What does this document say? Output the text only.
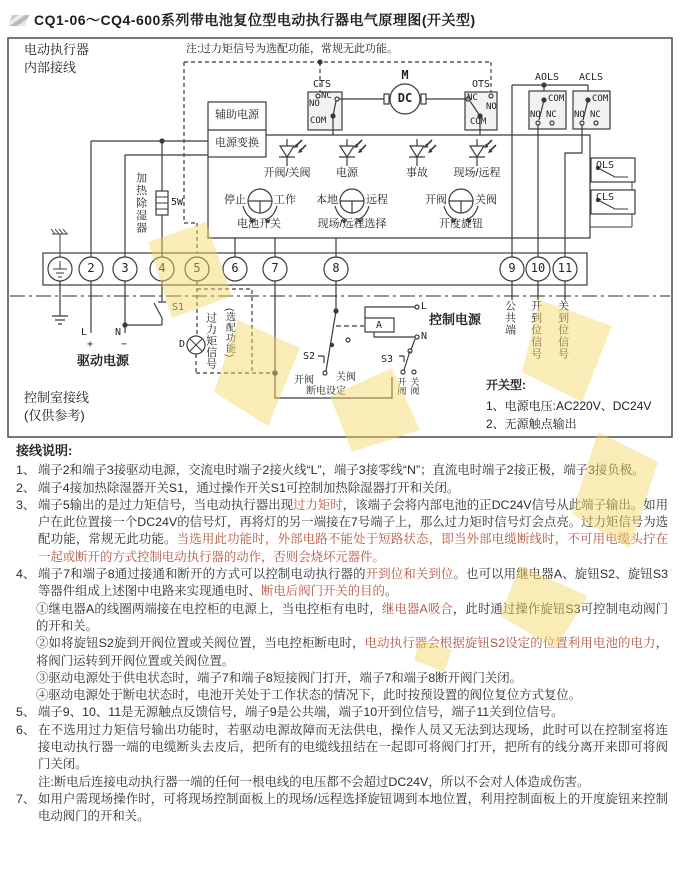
CQ1-06～CQ4-600系列带电池复位型电动执行器电气原理图(开关型)
电动执行器
内部接线
注:过力矩信号为选配功能，常规无此功能。
CTS
NO
NC
COM
M
DC
OTS
NC
NO
COM
AOLS
COM
NO NC
ACLS
COM
NO NC
OLS
CLS
辅助电源
电源变换
加热除湿器 5W
开阀/关阀 电源	事故 现场/远程
停止	工作
电池开关
本地	远程
现场/远程选择
开阀	关阀
开度旋钮
2 3 4 5	6	7	8	9 10 11
L
+
N
−
驱动电源
S1
D 过力矩信号 (选配功能)	S2
开阀 关阀
断电设定
A
L
N
控制电源
S3
开阀 关阀
公共端 开到位信号 关到位信号
开关型:
1、电源电压:AC220V、DC24V
2、无源触点输出
控制室接线
(仅供参考)
接线说明:
1、 端子2和端子3接驱动电源，交流电时端子2接火线“L”，端子3接零线“N”；直流电时端子2接正极，端子3接负极。
2、 端子4接加热除湿器开关S1，通过操作开关S1可控制加热除湿器打开和关闭。
3、 端子5输出的是过力矩信号，当电动执行器出现过力矩时，该端子会将内部电池的正DC24V信号从此端子输出。如用户在此位置接一个DC24V的信号灯，再将灯的另一端接在7号端子上，那么过力矩时信号灯会点亮。过力矩信号为选配功能，常规无此功能。当选用此功能时，外部电路不能处于短路状态，即当外部电缆断线时，不可用电缆头拧在一起或断开的方式控制电动执行器的动作，否则会烧坏元器件。
4、 端子7和端子8通过接通和断开的方式可以控制电动执行器的开到位和关到位。也可以用继电器A、旋钮S2、旋钮S3等器件组成上述图中电路来实现通电时、断电后阀门开关的目的。
①继电器A的线圈两端接在电控柜的电源上，当电控柜有电时，继电器A吸合，此时通过操作旋钮S3可控制电动阀门的开和关。
②如将旋钮S2旋到开阀位置或关阀位置，当电控柜断电时，电动执行器会根据旋钮S2设定的位置利用电池的电力，将阀门运转到开阀位置或关阀位置。
③驱动电源处于供电状态时，端子7和端子8短接阀门打开，端子7和端子8断开阀门关闭。
④驱动电源处于断电状态时，电池开关处于工作状态的情况下，此时按预设置的阀位复位方式复位。
5、 端子9、10、11是无源触点反馈信号，端子9是公共端，端子10开到位信号，端子11关到位信号。
6、 在不选用过力矩信号输出功能时，若驱动电源故障而无法供电，操作人员又无法到达现场，此时可以在控制室将连接电动执行器一端的电缆断头去皮后，把所有的电缆线扭结在一起即可将阀门打开，把所有的线分离开来即可将阀门关闭。
注:断电后连接电动执行器一端的任何一根电线的电压都不会超过DC24V，所以不会对人体造成伤害。
7、 如用户需现场操作时，可将现场控制面板上的现场/远程选择旋钮调到本地位置，利用控制面板上的开度旋钮来控制电动阀门的开和关。
